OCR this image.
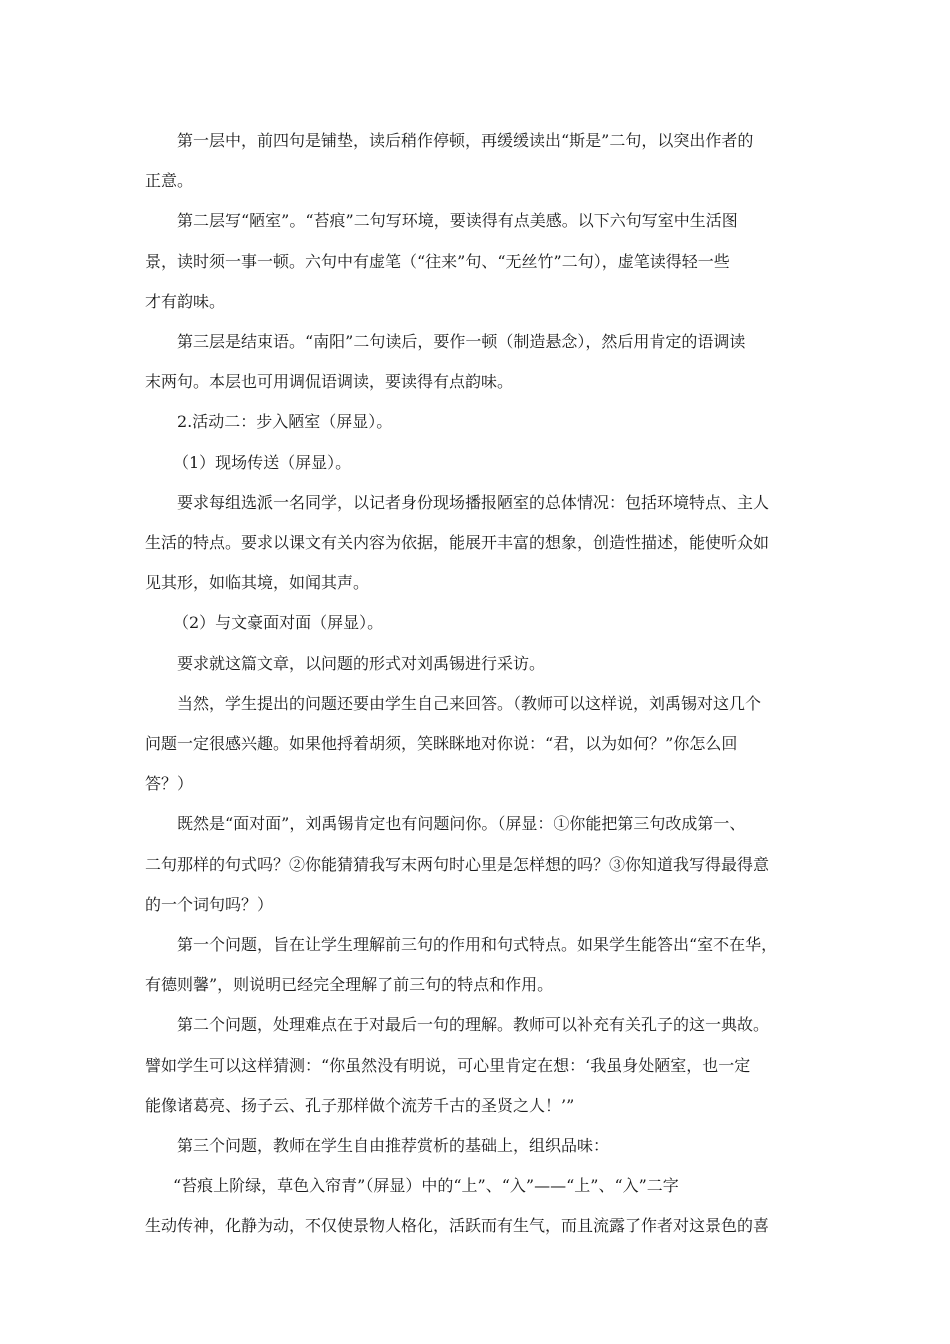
第一层中，前四句是铺垫，读后稍作停顿，再缓缓读出“斯是”二句，以突出作者的
正意。
第二层写“陋室”。“苔痕”二句写环境，要读得有点美感。以下六句写室中生活图
景，读时须一事一顿。六句中有虚笔（“往来”句、“无丝竹”二句），虚笔读得轻一些
才有韵味。
第三层是结束语。“南阳”二句读后，要作一顿（制造悬念），然后用肯定的语调读
末两句。本层也可用调侃语调读，要读得有点韵味。
2.活动二：步入陋室（屏显）。
（1）现场传送（屏显）。
要求每组选派一名同学，以记者身份现场播报陋室的总体情况：包括环境特点、主人
生活的特点。要求以课文有关内容为依据，能展开丰富的想象，创造性描述，能使听众如
见其形，如临其境，如闻其声。
（2）与文豪面对面（屏显）。
要求就这篇文章，以问题的形式对刘禹锡进行采访。
当然，学生提出的问题还要由学生自己来回答。（教师可以这样说，刘禹锡对这几个
问题一定很感兴趣。如果他捋着胡须，笑眯眯地对你说：“君，以为如何？”你怎么回
答？）
既然是“面对面”，刘禹锡肯定也有问题问你。（屏显：①你能把第三句改成第一、
二句那样的句式吗？②你能猜猜我写末两句时心里是怎样想的吗？③你知道我写得最得意
的一个词句吗？）
第一个问题，旨在让学生理解前三句的作用和句式特点。如果学生能答出“室不在华，
有德则馨”，则说明已经完全理解了前三句的特点和作用。
第二个问题，处理难点在于对最后一句的理解。教师可以补充有关孔子的这一典故。
譬如学生可以这样猜测：“你虽然没有明说，可心里肯定在想：‘我虽身处陋室，也一定
能像诸葛亮、扬子云、孔子那样做个流芳千古的圣贤之人！’”
第三个问题，教师在学生自由推荐赏析的基础上，组织品味：
“苔痕上阶绿，草色入帘青”（屏显）中的“上”、“入”——“上”、“入”二字
生动传神，化静为动，不仅使景物人格化，活跃而有生气，而且流露了作者对这景色的喜
